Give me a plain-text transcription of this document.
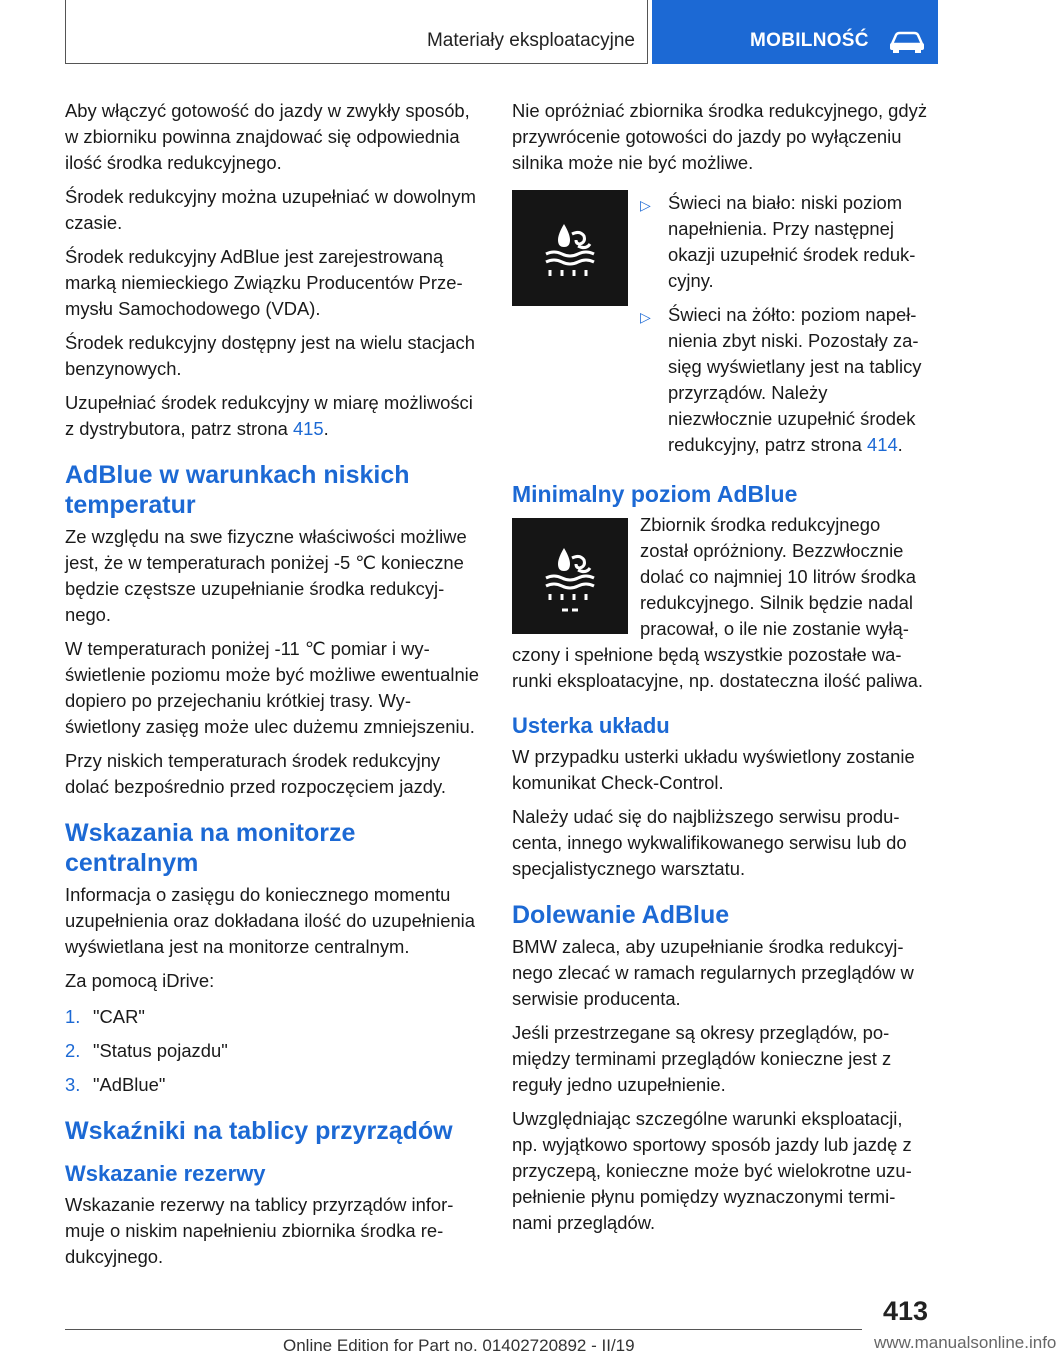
Materiały eksploatacyjne	MOBILNOŚĆ

Aby włączyć gotowość do jazdy w zwykły sposób, w zbiorniku powinna znajdować się odpowiednia ilość środka redukcyjnego.

Środek redukcyjny można uzupełniać w dowolnym czasie.

Środek redukcyjny AdBlue jest zarejestrowaną marką niemieckiego Związku Producentów Przemysłu Samochodowego (VDA).

Środek redukcyjny dostępny jest na wielu stacjach benzynowych.

Uzupełniać środek redukcyjny w miarę możliwości z dystrybutora, patrz strona 415.

AdBlue w warunkach niskich temperatur

Ze względu na swe fizyczne właściwości możliwe jest, że w temperaturach poniżej -5 ℃ konieczne będzie częstsze uzupełnianie środka redukcyjnego.

W temperaturach poniżej -11 ℃ pomiar i wyświetlenie poziomu może być możliwe ewentualnie dopiero po przejechaniu krótkiej trasy. Wyświetlony zasięg może ulec dużemu zmniejszeniu.

Przy niskich temperaturach środek redukcyjny dolać bezpośrednio przed rozpoczęciem jazdy.

Wskazania na monitorze centralnym

Informacja o zasięgu do koniecznego momentu uzupełnienia oraz dokładana ilość do uzupełnienia wyświetlana jest na monitorze centralnym.

Za pomocą iDrive:

1. "CAR"
2. "Status pojazdu"
3. "AdBlue"
Wskaźniki na tablicy przyrządów
Wskazanie rezerwy

Wskazanie rezerwy na tablicy przyrządów informuje o niskim napełnieniu zbiornika środka redukcyjnego.

Nie opróżniać zbiornika środka redukcyjnego, gdyż przywrócenie gotowości do jazdy po wyłączeniu silnika może nie być możliwe.

▷ Świeci na biało: niski poziom napełnienia. Przy następnej okazji uzupełnić środek redukcyjny.
▷ Świeci na żółto: poziom napełnienia zbyt niski. Pozostały zasięg wyświetlany jest na tablicy przyrządów. Należy niezwłocznie uzupełnić środek redukcyjny, patrz strona 414.
Minimalny poziom AdBlue

Zbiornik środka redukcyjnego został opróżniony. Bezzwłocznie dolać co najmniej 10 litrów środka redukcyjnego. Silnik będzie nadal pracował, o ile nie zostanie wyłączony i spełnione będą wszystkie pozostałe warunki eksploatacyjne, np. dostateczna ilość paliwa.

Usterka układu

W przypadku usterki układu wyświetlony zostanie komunikat Check-Control.

Należy udać się do najbliższego serwisu producenta, innego wykwalifikowanego serwisu lub do specjalistycznego warsztatu.

Dolewanie AdBlue

BMW zaleca, aby uzupełnianie środka redukcyjnego zlecać w ramach regularnych przeglądów w serwisie producenta.

Jeśli przestrzegane są okresy przeglądów, pomiędzy terminami przeglądów konieczne jest z reguły jedno uzupełnienie.

Uwzględniając szczególne warunki eksploatacji, np. wyjątkowo sportowy sposób jazdy lub jazdę z przyczepą, konieczne może być wielokrotne uzupełnienie płynu pomiędzy wyznaczonymi terminami przeglądów.

413
Online Edition for Part no. 01402720892 - II/19	www.manualsonline.info
